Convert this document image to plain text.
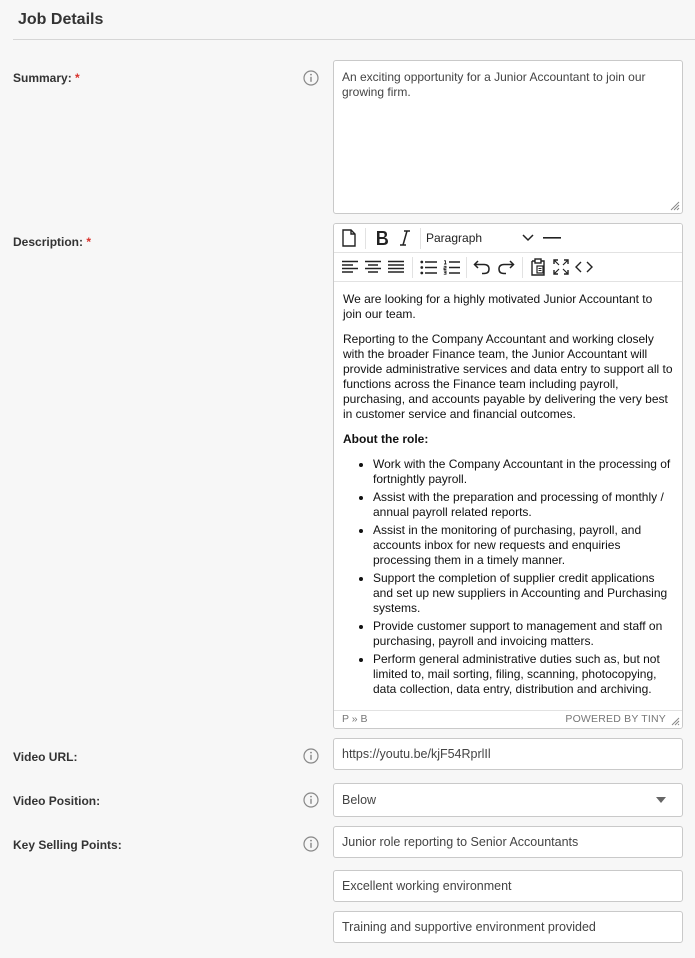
Job Details
Summary: *	An exciting opportunity for a Junior Accountant to join our growing firm.
Description: *	Paragraph

We are looking for a highly motivated Junior Accountant to join our team.

Reporting to the Company Accountant and working closely with the broader Finance team, the Junior Accountant will provide administrative services and data entry to support all to functions across the Finance team including payroll, purchasing, and accounts payable by delivering the very best in customer service and financial outcomes.

About the role:

• Work with the Company Accountant in the processing of fortnightly payroll.
• Assist with the preparation and processing of monthly / annual payroll related reports.
• Assist in the monitoring of purchasing, payroll, and accounts inbox for new requests and enquiries processing them in a timely manner.
• Support the completion of supplier credit applications and set up new suppliers in Accounting and Purchasing systems.
• Provide customer support to management and staff on purchasing, payroll and invoicing matters.
• Perform general administrative duties such as, but not limited to, mail sorting, filing, scanning, photocopying, data collection, data entry, distribution and archiving.
P » B	POWERED BY TINY
Video URL:	https://youtu.be/kjF54RprlIl
Video Position:	Below
Key Selling Points:	Junior role reporting to Senior Accountants
Excellent working environment
Training and supportive environment provided
